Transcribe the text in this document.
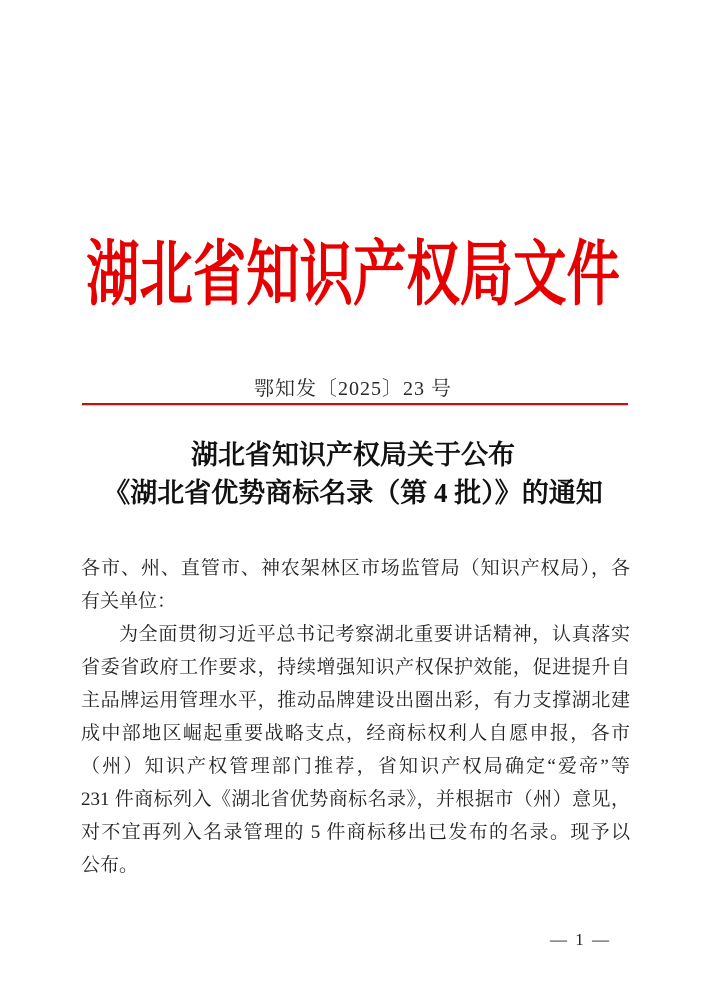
湖北省知识产权局文件
鄂知发〔2025〕23 号
湖北省知识产权局关于公布
《湖北省优势商标名录（第 4 批）》的通知
各市、州、直管市、神农架林区市场监管局（知识产权局），各
有关单位：
为全面贯彻习近平总书记考察湖北重要讲话精神，认真落实
省委省政府工作要求，持续增强知识产权保护效能，促进提升自
主品牌运用管理水平，推动品牌建设出圈出彩，有力支撑湖北建
成中部地区崛起重要战略支点，经商标权利人自愿申报，各市
（州）知识产权管理部门推荐，省知识产权局确定“爱帝”等
231 件商标列入《湖北省优势商标名录》，并根据市（州）意见，
对不宜再列入名录管理的 5 件商标移出已发布的名录。现予以
公布。
— 1 —
